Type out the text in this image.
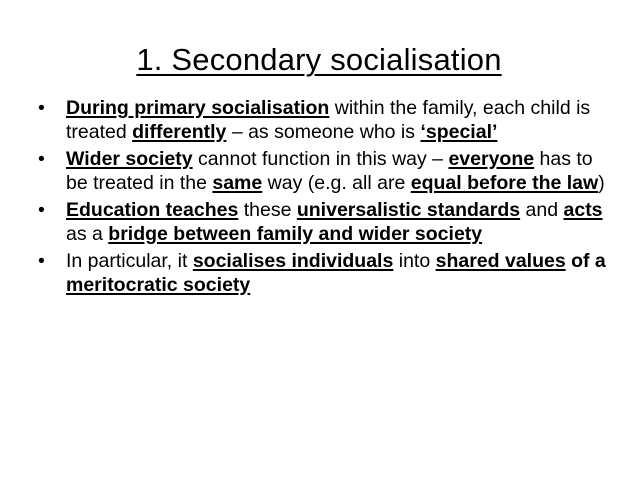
1. Secondary socialisation
• During primary socialisation within the family, each child is treated differently – as someone who is ‘special’
• Wider society cannot function in this way – everyone has to be treated in the same way (e.g. all are equal before the law)
• Education teaches these universalistic standards and acts as a bridge between family and wider society
• In particular, it socialises individuals into shared values of a meritocratic society
